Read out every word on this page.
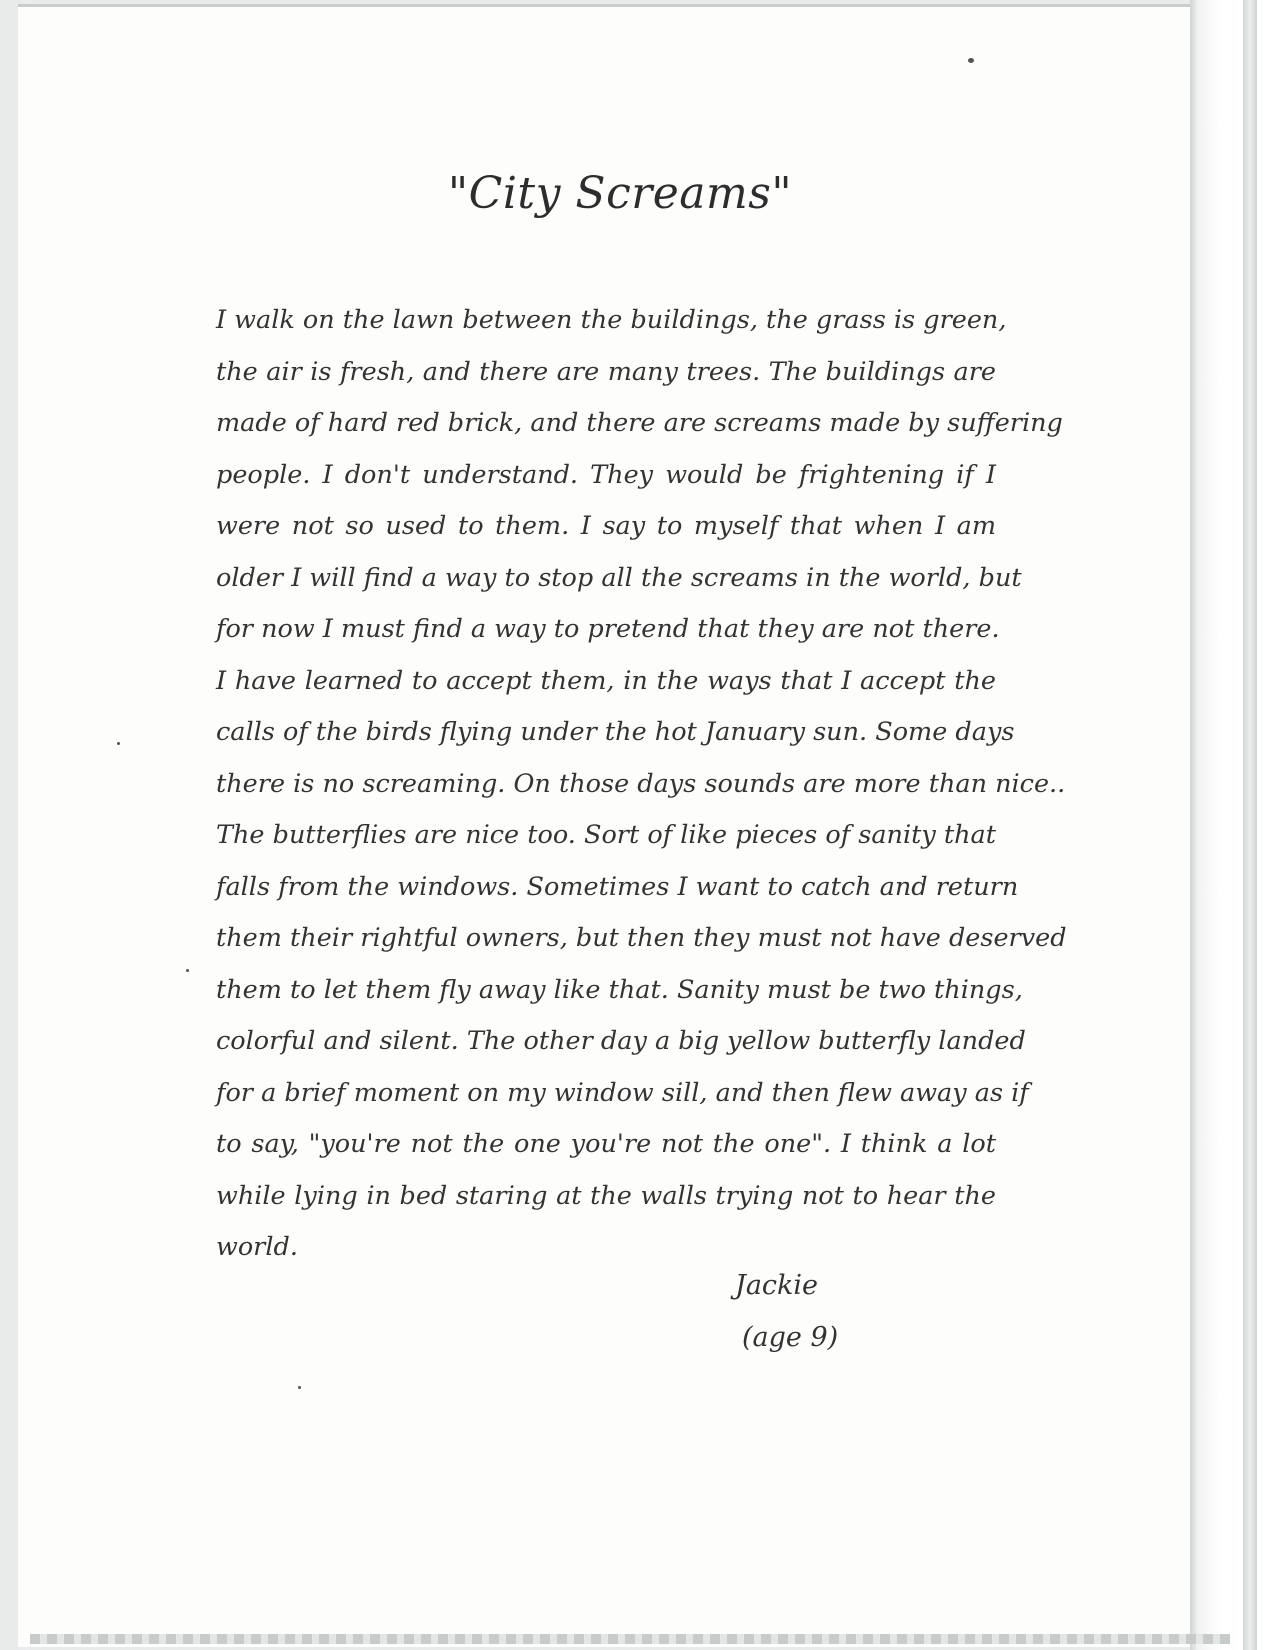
"City Screams"
I walk on the lawn between the buildings, the grass is green,
the air is fresh, and there are many trees. The buildings are
made of hard red brick, and there are screams made by suffering
people. I don't understand. They would be frightening if I
were not so used to them. I say to myself that when I am
older I will find a way to stop all the screams in the world, but
for now I must find a way to pretend that they are not there.
I have learned to accept them, in the ways that I accept the
calls of the birds flying under the hot January sun. Some days
there is no screaming. On those days sounds are more than nice..
The butterflies are nice too. Sort of like pieces of sanity that
falls from the windows. Sometimes I want to catch and return
them their rightful owners, but then they must not have deserved
them to let them fly away like that. Sanity must be two things,
colorful and silent. The other day a big yellow butterfly landed
for a brief moment on my window sill, and then flew away as if
to say, "you're not the one you're not the one". I think a lot
while lying in bed staring at the walls trying not to hear the
world.
Jackie
(age 9)
